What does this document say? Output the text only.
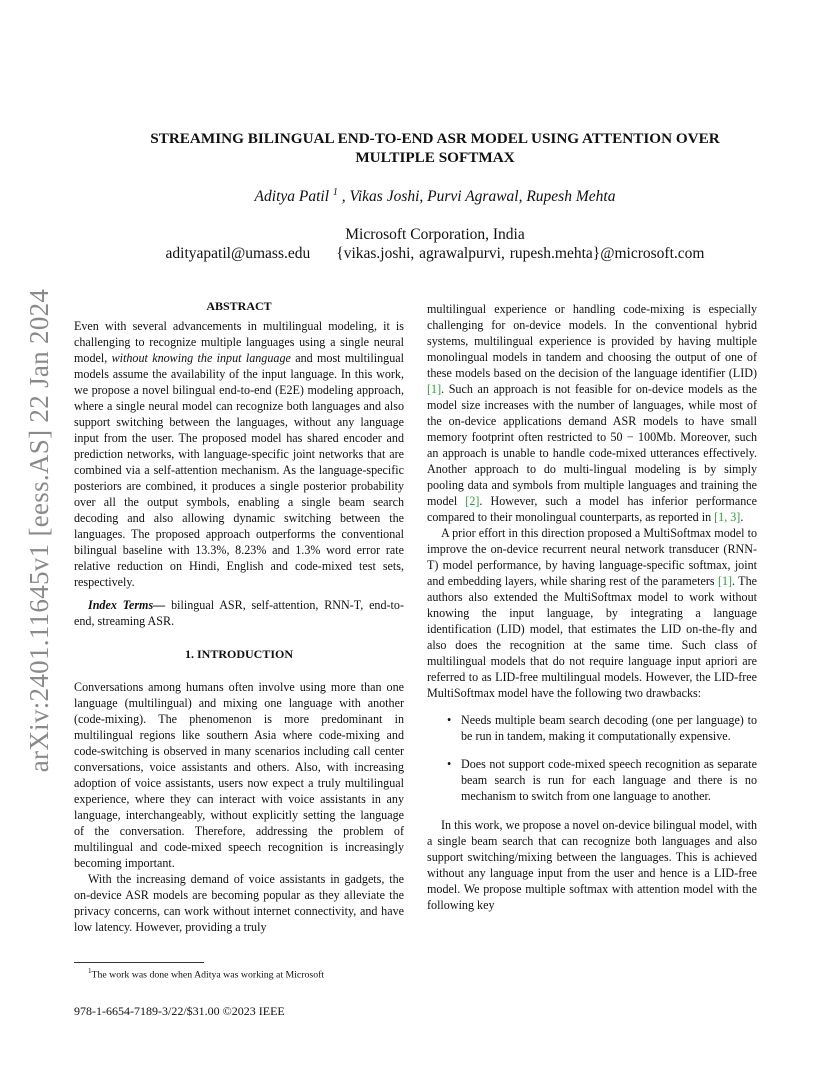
arXiv:2401.11645v1 [eess.AS] 22 Jan 2024
STREAMING BILINGUAL END-TO-END ASR MODEL USING ATTENTION OVER
MULTIPLE SOFTMAX
Aditya Patil $^1$ , Vikas Joshi, Purvi Agrawal, Rupesh Mehta
Microsoft Corporation, India
adityapatil@umass.edu {vikas.joshi, agrawalpurvi, rupesh.mehta}@microsoft.com
ABSTRACT

Even with several advancements in multilingual modeling, it is challenging to recognize multiple languages using a single neural model, without knowing the input language and most multilingual models assume the availability of the input language. In this work, we propose a novel bilingual end-to-end (E2E) modeling approach, where a single neural model can recognize both languages and also support switching between the languages, without any language input from the user. The proposed model has shared encoder and prediction networks, with language-specific joint networks that are combined via a self-attention mechanism. As the language-specific posteriors are combined, it produces a single posterior probability over all the output symbols, enabling a single beam search decoding and also allowing dynamic switching between the languages. The proposed approach outperforms the conventional bilingual baseline with 13.3%, 8.23% and 1.3% word error rate relative reduction on Hindi, English and code-mixed test sets, respectively.

Index Terms— bilingual ASR, self-attention, RNN-T, end-to-end, streaming ASR.

1. INTRODUCTION

Conversations among humans often involve using more than one language (multilingual) and mixing one language with another (code-mixing). The phenomenon is more predominant in multilingual regions like southern Asia where code-mixing and code-switching is observed in many scenarios including call center conversations, voice assistants and others. Also, with increasing adoption of voice assistants, users now expect a truly multilingual experience, where they can interact with voice assistants in any language, interchangeably, without explicitly setting the language of the conversation. Therefore, addressing the problem of multilingual and code-mixed speech recognition is increasingly becoming important.

With the increasing demand of voice assistants in gadgets, the on-device ASR models are becoming popular as they alleviate the privacy concerns, can work without internet connectivity, and have low latency. However, providing a truly

multilingual experience or handling code-mixing is especially challenging for on-device models. In the conventional hybrid systems, multilingual experience is provided by having multiple monolingual models in tandem and choosing the output of one of these models based on the decision of the language identifier (LID) [1]. Such an approach is not feasible for on-device models as the model size increases with the number of languages, while most of the on-device applications demand ASR models to have small memory footprint often restricted to 50 − 100Mb. Moreover, such an approach is unable to handle code-mixed utterances effectively. Another approach to do multi-lingual modeling is by simply pooling data and symbols from multiple languages and training the model [2]. However, such a model has inferior performance compared to their monolingual counterparts, as reported in [1, 3].

A prior effort in this direction proposed a MultiSoftmax model to improve the on-device recurrent neural network transducer (RNN-T) model performance, by having language-specific softmax, joint and embedding layers, while sharing rest of the parameters [1]. The authors also extended the MultiSoftmax model to work without knowing the input language, by integrating a language identification (LID) model, that estimates the LID on-the-fly and also does the recognition at the same time. Such class of multilingual models that do not require language input apriori are referred to as LID-free multilingual models. However, the LID-free MultiSoftmax model have the following two drawbacks:

• Needs multiple beam search decoding (one per language) to be run in tandem, making it computationally expensive.
• Does not support code-mixed speech recognition as separate beam search is run for each language and there is no mechanism to switch from one language to another.

In this work, we propose a novel on-device bilingual model, with a single beam search that can recognize both languages and also support switching/mixing between the languages. This is achieved without any language input from the user and hence is a LID-free model. We propose multiple softmax with attention model with the following key

$^1$The work was done when Aditya was working at Microsoft
978-1-6654-7189-3/22/$31.00 ©2023 IEEE
